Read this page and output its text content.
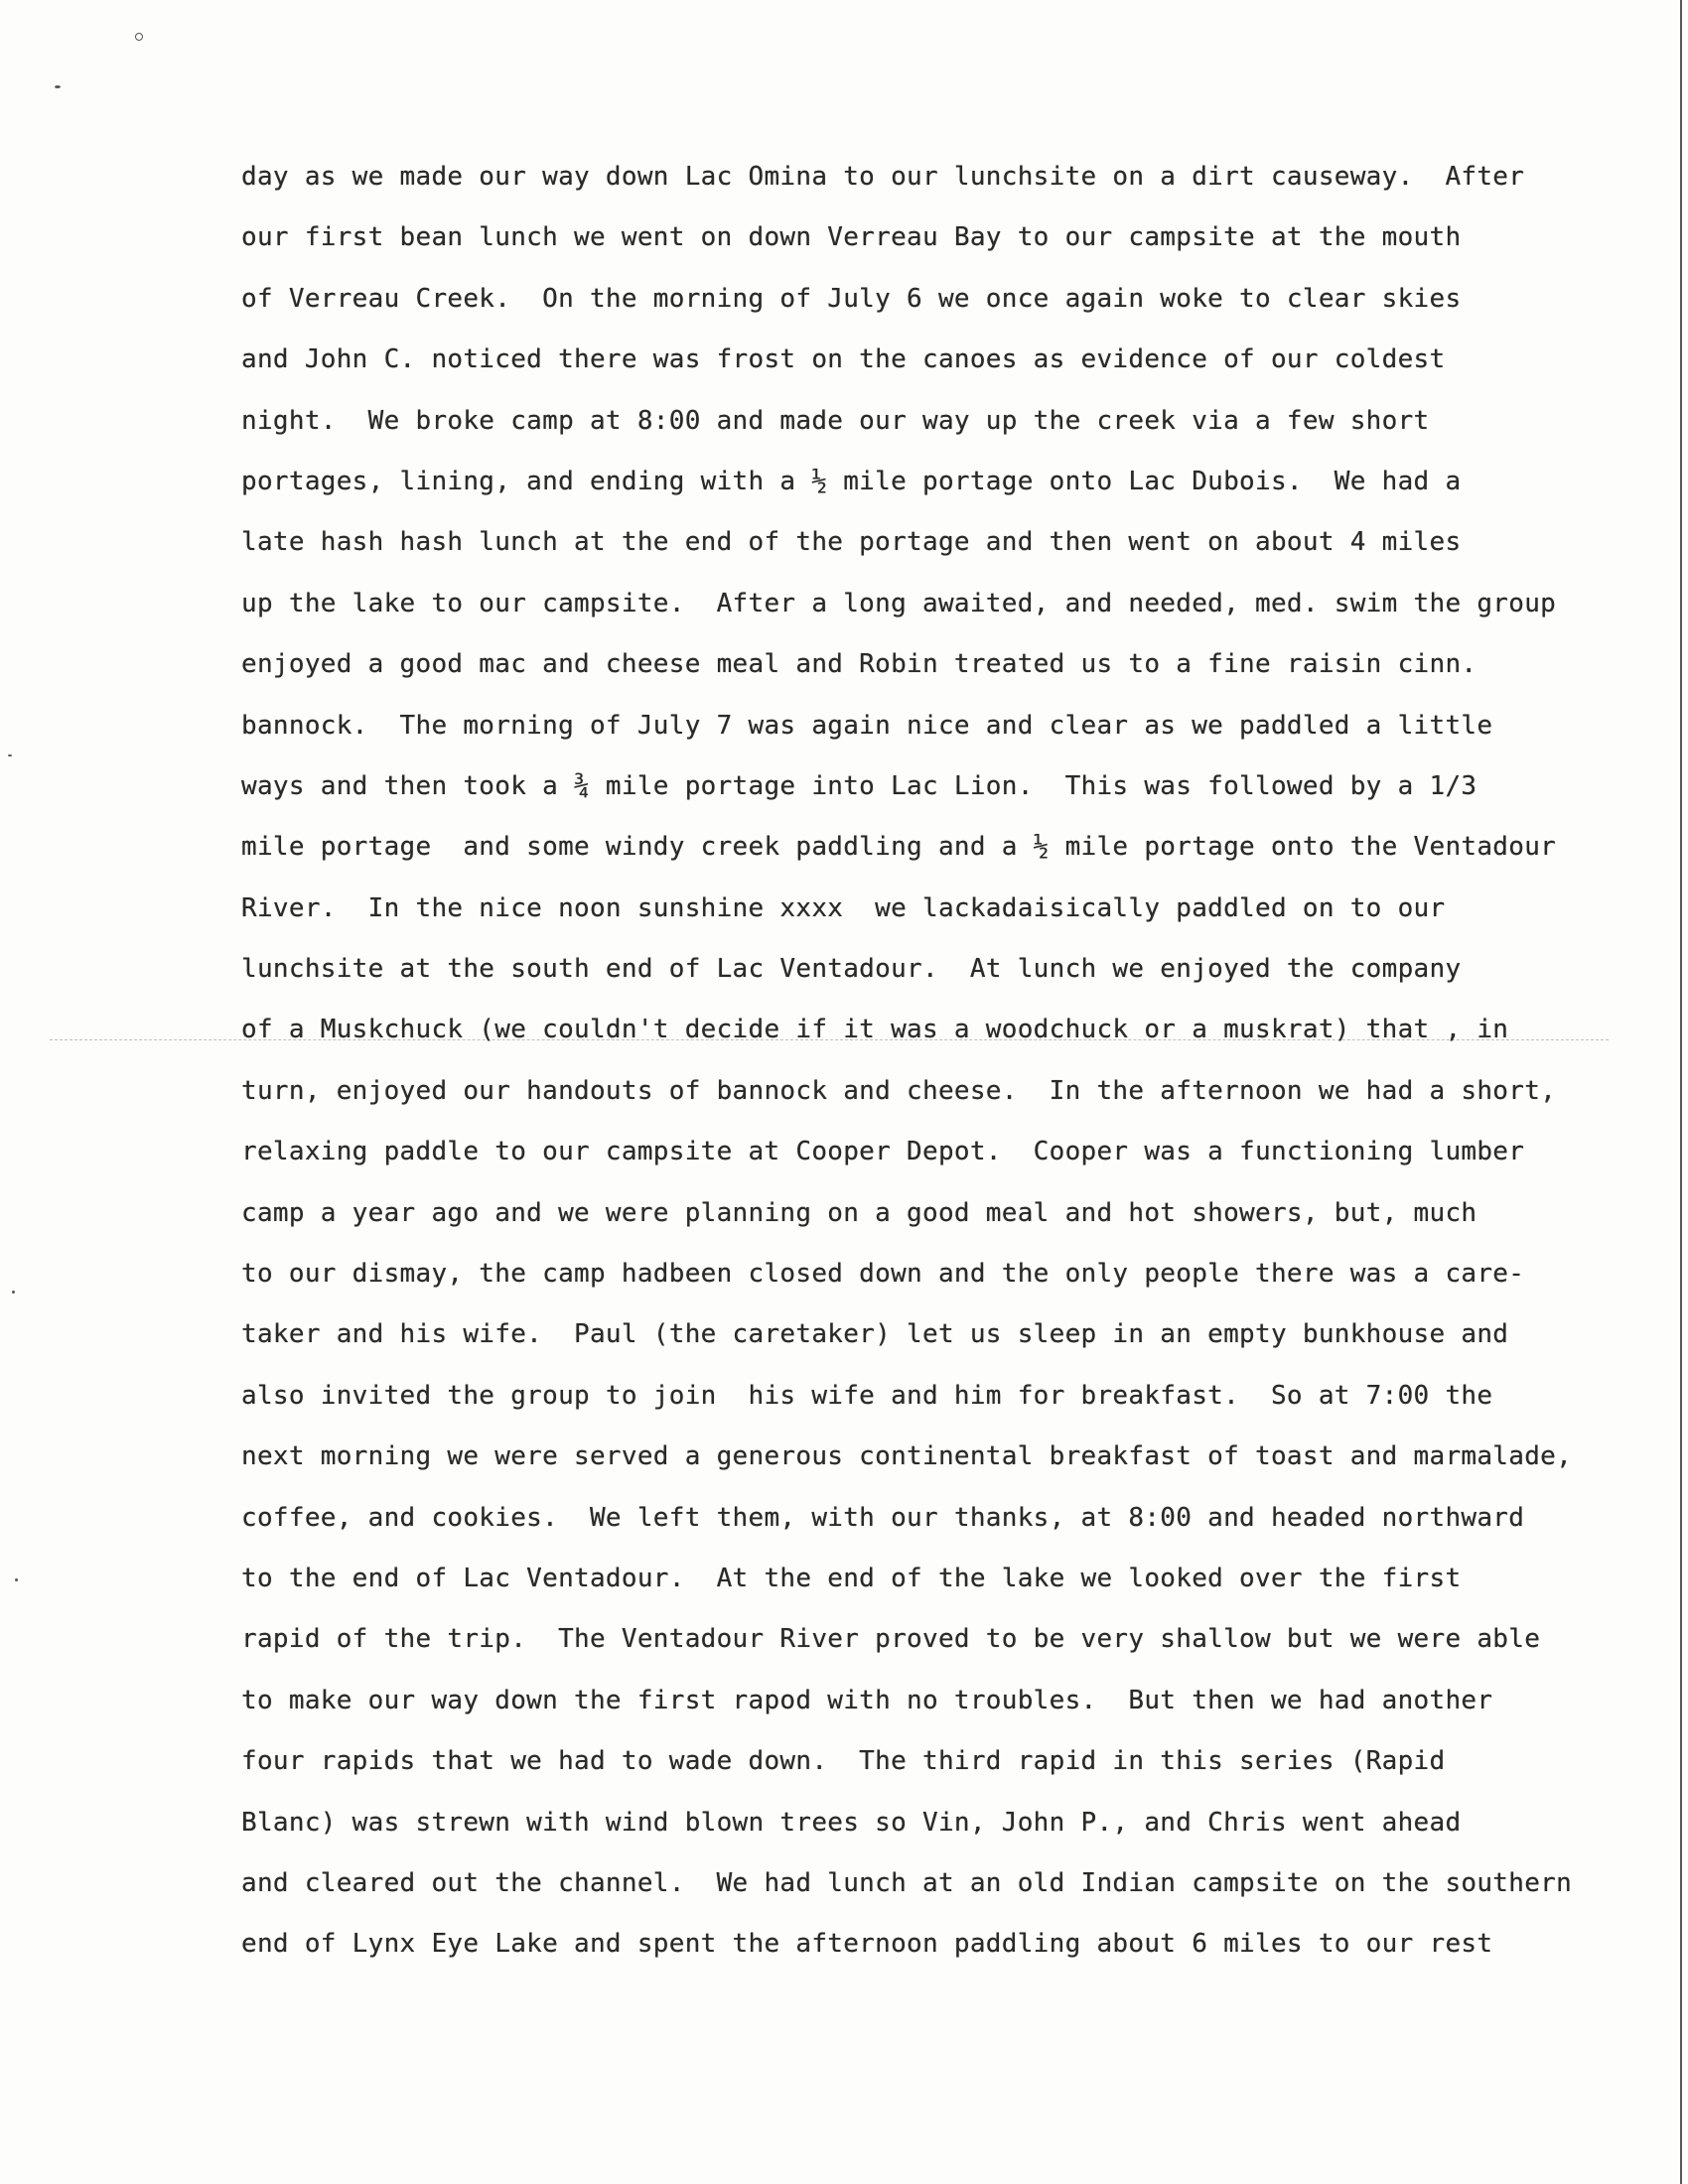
day as we made our way down Lac Omina to our lunchsite on a dirt causeway.  After
our first bean lunch we went on down Verreau Bay to our campsite at the mouth
of Verreau Creek.  On the morning of July 6 we once again woke to clear skies
and John C. noticed there was frost on the canoes as evidence of our coldest
night.  We broke camp at 8:00 and made our way up the creek via a few short
portages, lining, and ending with a ½ mile portage onto Lac Dubois.  We had a
late hash hash lunch at the end of the portage and then went on about 4 miles
up the lake to our campsite.  After a long awaited, and needed, med. swim the group
enjoyed a good mac and cheese meal and Robin treated us to a fine raisin cinn.
bannock.  The morning of July 7 was again nice and clear as we paddled a little
ways and then took a ¾ mile portage into Lac Lion.  This was followed by a 1/3
mile portage  and some windy creek paddling and a ½ mile portage onto the Ventadour
River.  In the nice noon sunshine xxxx  we lackadaisically paddled on to our
lunchsite at the south end of Lac Ventadour.  At lunch we enjoyed the company
of a Muskchuck (we couldn't decide if it was a woodchuck or a muskrat) that , in
turn, enjoyed our handouts of bannock and cheese.  In the afternoon we had a short,
relaxing paddle to our campsite at Cooper Depot.  Cooper was a functioning lumber
camp a year ago and we were planning on a good meal and hot showers, but, much
to our dismay, the camp hadbeen closed down and the only people there was a care-
taker and his wife.  Paul (the caretaker) let us sleep in an empty bunkhouse and
also invited the group to join  his wife and him for breakfast.  So at 7:00 the
next morning we were served a generous continental breakfast of toast and marmalade,
coffee, and cookies.  We left them, with our thanks, at 8:00 and headed northward
to the end of Lac Ventadour.  At the end of the lake we looked over the first
rapid of the trip.  The Ventadour River proved to be very shallow but we were able
to make our way down the first rapod with no troubles.  But then we had another
four rapids that we had to wade down.  The third rapid in this series (Rapid
Blanc) was strewn with wind blown trees so Vin, John P., and Chris went ahead
and cleared out the channel.  We had lunch at an old Indian campsite on the southern
end of Lynx Eye Lake and spent the afternoon paddling about 6 miles to our rest
